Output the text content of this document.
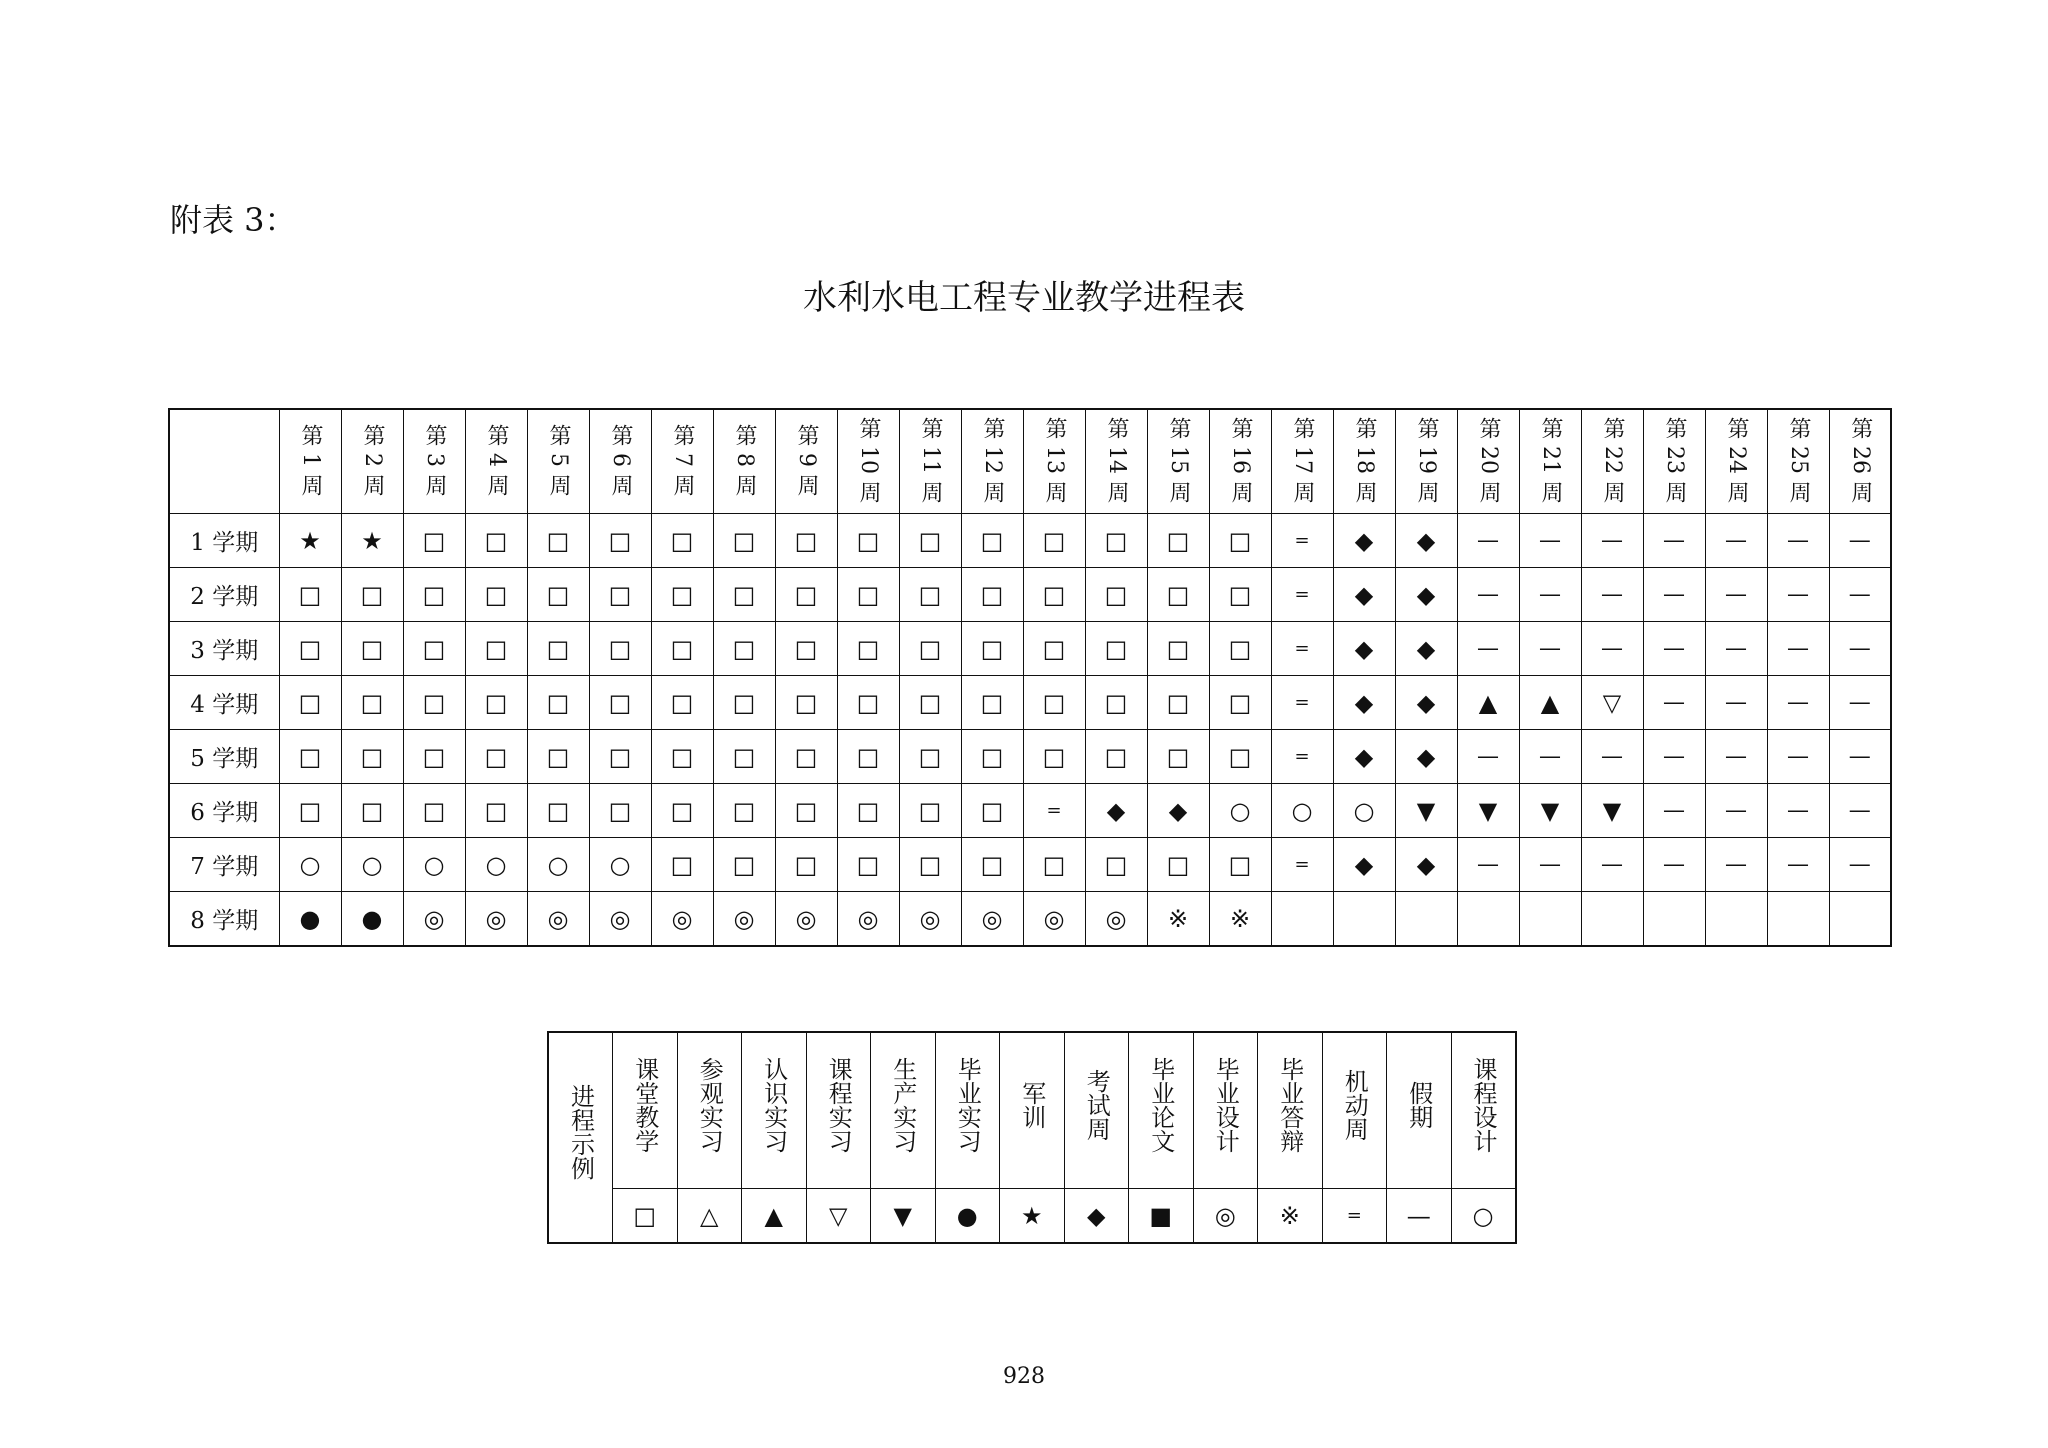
附表 3：
水利水电工程专业教学进程表
	第 1 周	第 2 周	第 3 周	第 4 周	第 5 周	第 6 周	第 7 周	第 8 周	第 9 周	第 10 周	第 11 周	第 12 周	第 13 周	第 14 周	第 15 周	第 16 周	第 17 周	第 18 周	第 19 周	第 20 周	第 21 周	第 22 周	第 23 周	第 24 周	第 25 周	第 26 周
1 学期	★	★	□	□	□	□	□	□	□	□	□	□	□	□	□	□	=	◆	◆	—	—	—	—	—	—	—
2 学期	□	□	□	□	□	□	□	□	□	□	□	□	□	□	□	□	=	◆	◆	—	—	—	—	—	—	—
3 学期	□	□	□	□	□	□	□	□	□	□	□	□	□	□	□	□	=	◆	◆	—	—	—	—	—	—	—
4 学期	□	□	□	□	□	□	□	□	□	□	□	□	□	□	□	□	=	◆	◆	▲	▲	▽	—	—	—	—
5 学期	□	□	□	□	□	□	□	□	□	□	□	□	□	□	□	□	=	◆	◆	—	—	—	—	—	—	—
6 学期	□	□	□	□	□	□	□	□	□	□	□	□	=	◆	◆	○	○	○	▼	▼	▼	▼	—	—	—	—
7 学期	○	○	○	○	○	○	□	□	□	□	□	□	□	□	□	□	=	◆	◆	—	—	—	—	—	—	—
8 学期	●	●	◎	◎	◎	◎	◎	◎	◎	◎	◎	◎	◎	◎	※	※										
进程示例	课堂教学	参观实习	认识实习	课程实习	生产实习	毕业实习	军训	考试周	毕业论文	毕业设计	毕业答辩	机动周	假期	课程设计
	□	△	▲	▽	▼	●	★	◆	■	◎	※	=	—	○
928
